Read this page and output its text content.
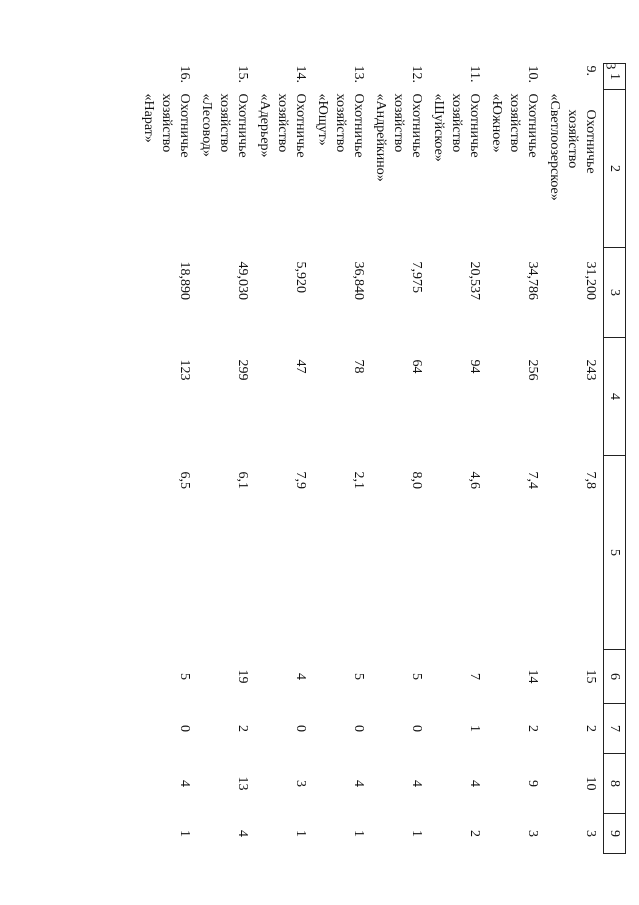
3
1	2	3	4	5	6	7	8	9
9.	Охотничье
хозяйство
«Светлоозерское»	31,200	243	7,8	15	2	10	3
10.	Охотничье
хозяйство
«Южное»	34,786	256	7,4	14	2	9	3
11.	Охотничье
хозяйство
«Шуйское»	20,537	94	4,6	7	1	4	2
12.	Охотничье
хозяйство
«Андрейкино»	7,975	64	8,0	5	0	4	1
13.	Охотничье
хозяйство
«Ющут»	36,840	78	2,1	5	0	4	1
14.	Охотничье
хозяйство
«Адерьер»	5,920	47	7,9	4	0	3	1
15.	Охотничье
хозяйство
«Лесовод»	49,030	299	6,1	19	2	13	4
16.	Охотничье
хозяйство
«Нарат»	18,890	123	6,5	5	0	4	1
